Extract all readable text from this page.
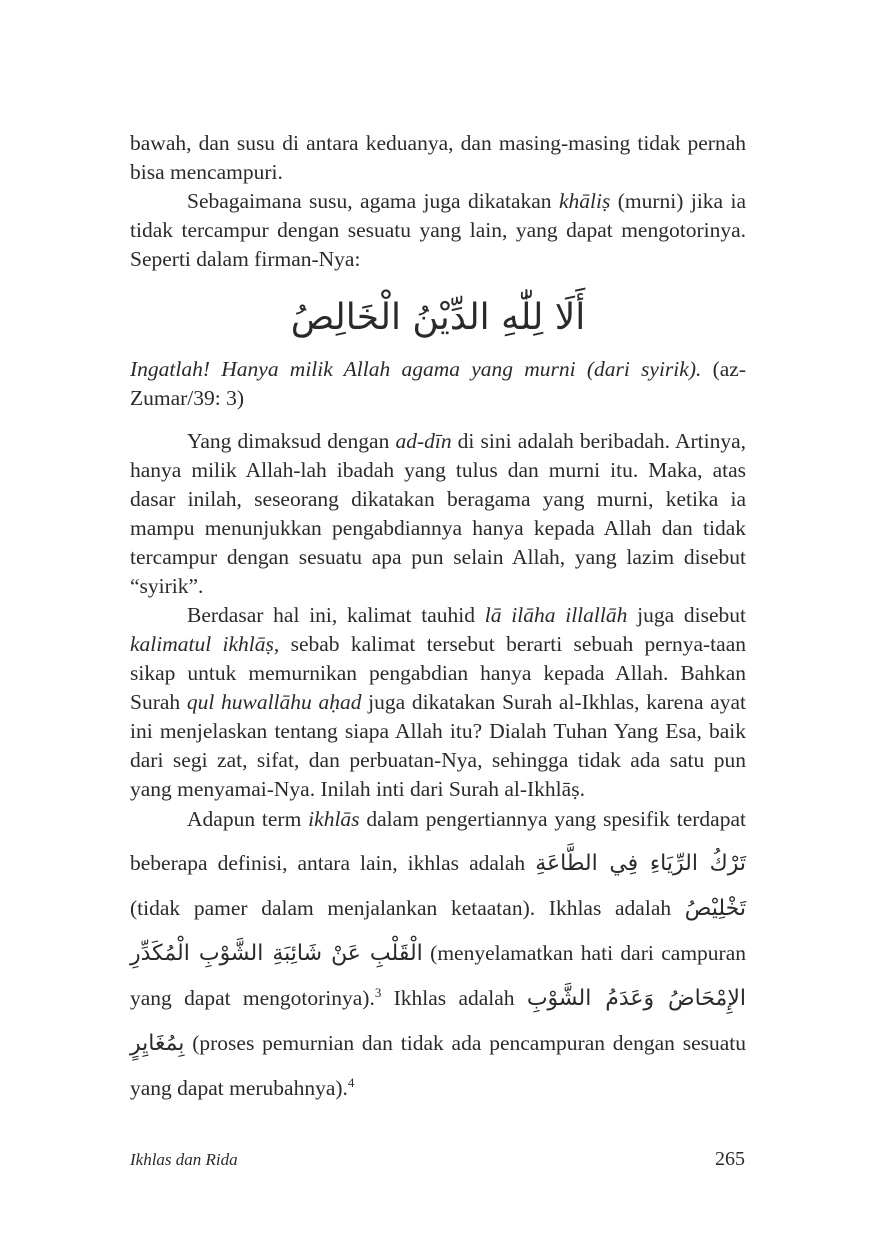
bawah, dan susu di antara keduanya, dan masing-masing tidak pernah bisa mencampuri.

Sebagaimana susu, agama juga dikatakan khāliṣ (murni) jika ia tidak tercampur dengan sesuatu yang lain, yang dapat mengotorinya. Seperti dalam firman-Nya:

أَلَا لِلّٰهِ الدِّيْنُ الْخَالِصُ

Ingatlah! Hanya milik Allah agama yang murni (dari syirik). (az-Zumar/39: 3)

Yang dimaksud dengan ad-dīn di sini adalah beribadah. Artinya, hanya milik Allah-lah ibadah yang tulus dan murni itu. Maka, atas dasar inilah, seseorang dikatakan beragama yang murni, ketika ia mampu menunjukkan pengabdiannya hanya kepada Allah dan tidak tercampur dengan sesuatu apa pun selain Allah, yang lazim disebut “syirik”.

Berdasar hal ini, kalimat tauhid lā ilāha illallāh juga disebut kalimatul ikhlāṣ, sebab kalimat tersebut berarti sebuah pernya-taan sikap untuk memurnikan pengabdian hanya kepada Allah. Bahkan Surah qul huwallāhu aḥad juga dikatakan Surah al-Ikhlas, karena ayat ini menjelaskan tentang siapa Allah itu? Dialah Tuhan Yang Esa, baik dari segi zat, sifat, dan perbuatan-Nya, sehingga tidak ada satu pun yang menyamai-Nya. Inilah inti dari Surah al-Ikhlāṣ.

Adapun term ikhlās dalam pengertiannya yang spesifik terdapat beberapa definisi, antara lain, ikhlas adalah تَرْكُ الرِّيَاءِ فِي الطَّاعَةِ (tidak pamer dalam menjalankan ketaatan). Ikhlas adalah تَخْلِيْصُ الْقَلْبِ عَنْ شَائِبَةِ الشَّوْبِ الْمُكَدِّرِ (menyelamatkan hati dari campuran yang dapat mengotorinya).$^3$ Ikhlas adalah الإِمْحَاضُ وَعَدَمُ الشَّوْبِ بِمُغَايِرٍ (proses pemurnian dan tidak ada pencampuran dengan sesuatu yang dapat merubahnya).$^4$

Ikhlas dan Rida	265
